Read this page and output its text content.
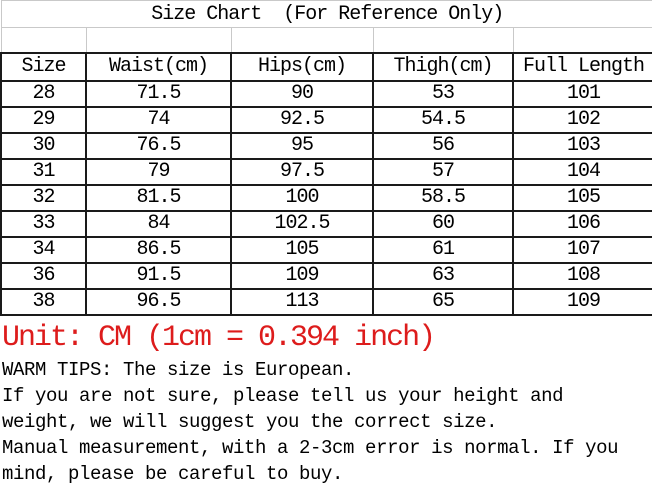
Size Chart  (For Reference Only)				

Size	Waist(cm)	Hips(cm)	Thigh(cm)	Full Length
28	71.5	90	53	101
29	74	92.5	54.5	102
30	76.5	95	56	103
31	79	97.5	57	104
32	81.5	100	58.5	105
33	84	102.5	60	106
34	86.5	105	61	107
36	91.5	109	63	108
38	96.5	113	65	109
Unit: CM (1cm = 0.394 inch)
WARM TIPS: The size is European.
If you are not sure, please tell us your height and
weight, we will suggest you the correct size.
Manual measurement, with a 2-3cm error is normal. If you
mind, please be careful to buy.
